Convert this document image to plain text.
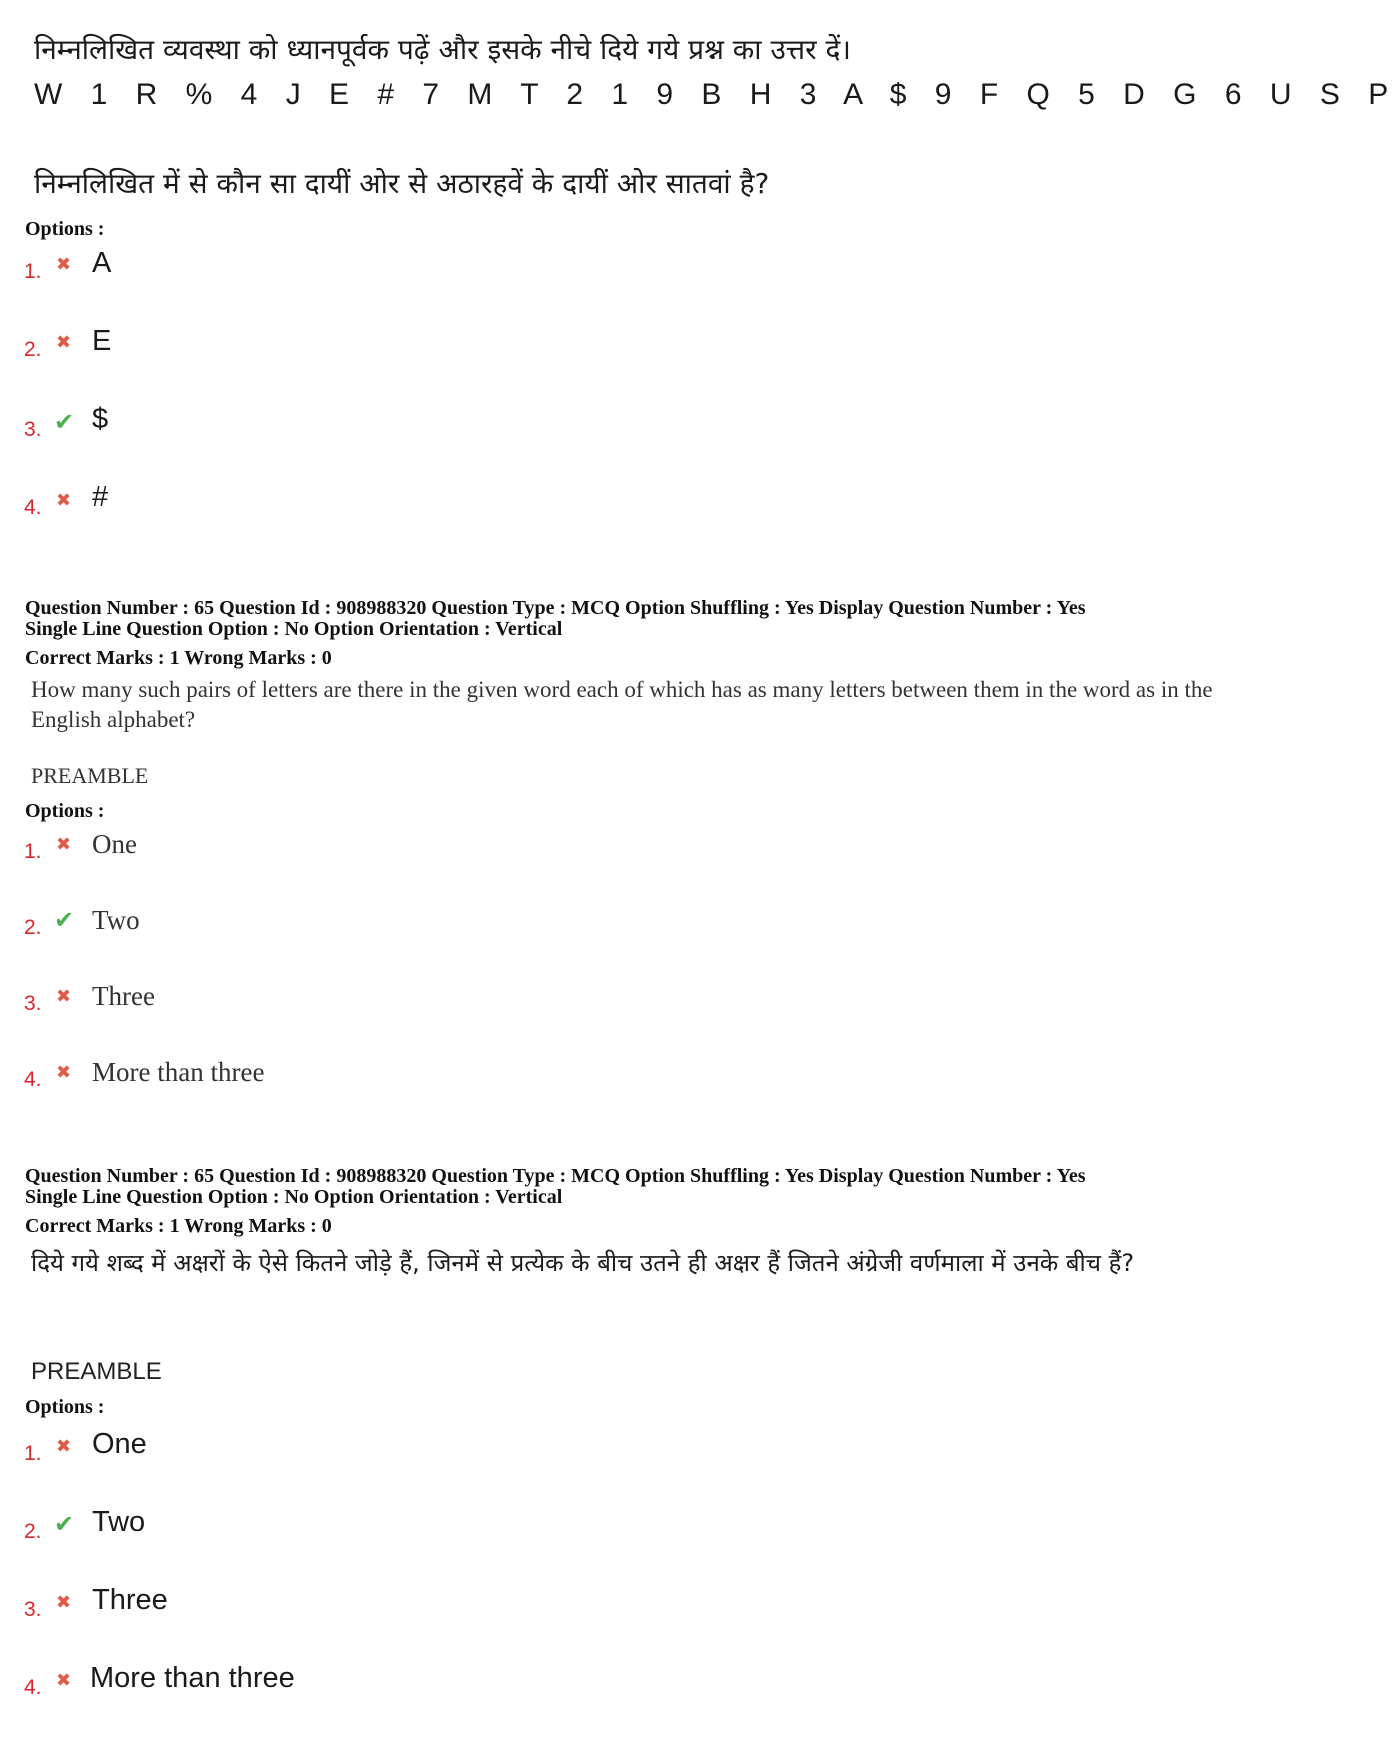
निम्नलिखित व्यवस्था को ध्यानपूर्वक पढ़ें और इसके नीचे दिये गये प्रश्न का उत्तर दें।
W 1 R % 4 J E # 7 M T 2 1 9 B H 3 A $ 9 F Q 5 D G 6 U S P
निम्नलिखित में से कौन सा दायीं ओर से अठारहवें के दायीं ओर सातवां है?
Options :
1. ✖ A
2. ✖ E
3. ✔ $
4. ✖ #
Question Number : 65 Question Id : 908988320 Question Type : MCQ Option Shuffling : Yes Display Question Number : Yes
Single Line Question Option : No Option Orientation : Vertical
Correct Marks : 1 Wrong Marks : 0
How many such pairs of letters are there in the given word each of which has as many letters between them in the word as in the English alphabet?
PREAMBLE
Options :
1. ✖ One
2. ✔ Two
3. ✖ Three
4. ✖ More than three
Question Number : 65 Question Id : 908988320 Question Type : MCQ Option Shuffling : Yes Display Question Number : Yes
Single Line Question Option : No Option Orientation : Vertical
Correct Marks : 1 Wrong Marks : 0
दिये गये शब्द में अक्षरों के ऐसे कितने जोड़े हैं, जिनमें से प्रत्येक के बीच उतने ही अक्षर हैं जितने अंग्रेजी वर्णमाला में उनके बीच हैं?
PREAMBLE
Options :
1. ✖ One
2. ✔ Two
3. ✖ Three
4. ✖ More than three
